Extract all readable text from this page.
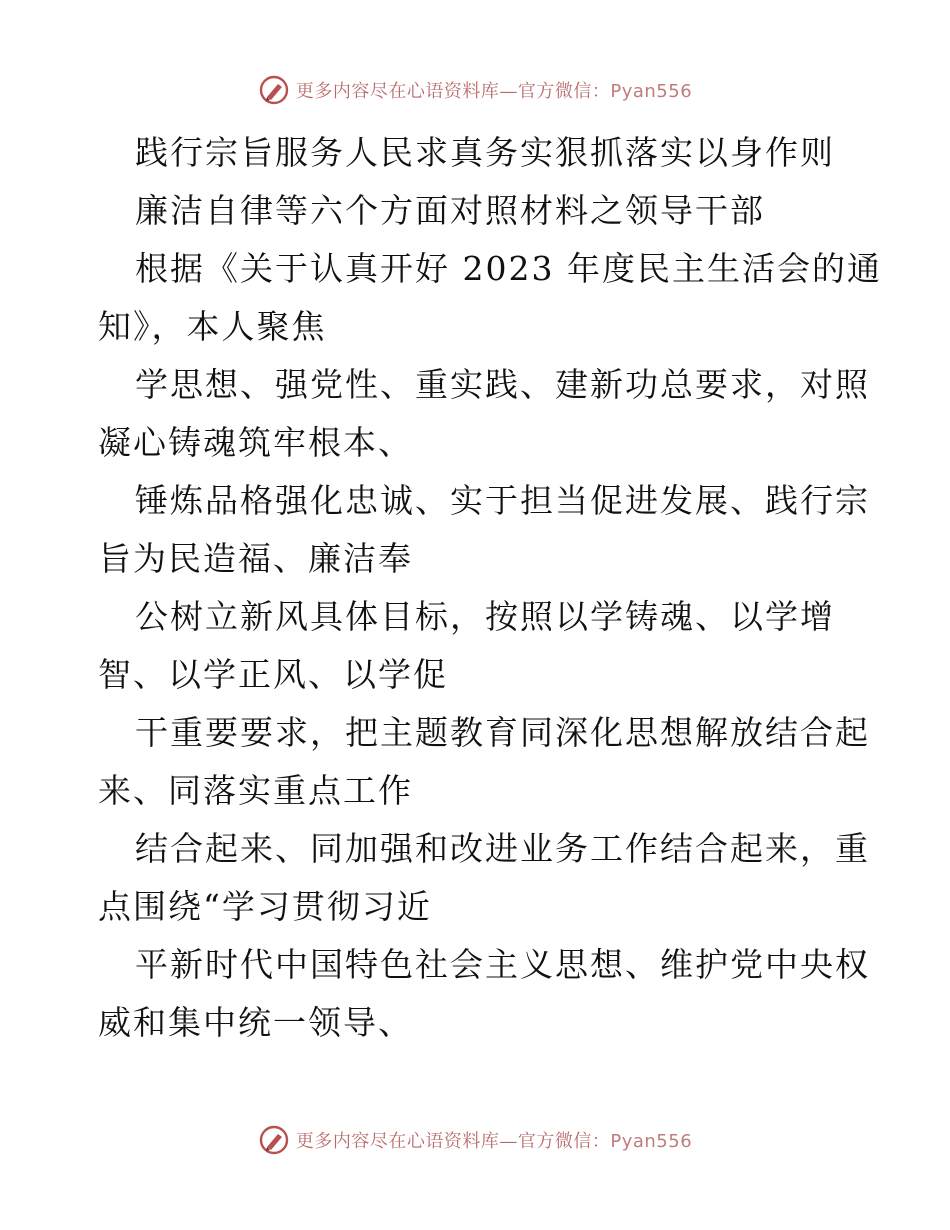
更多内容尽在心语资料库—官方微信：Pyan556
践行宗旨服务人民求真务实狠抓落实以身作则
廉洁自律等六个方面对照材料之领导干部
根据《关于认真开好 2023 年度民主生活会的通
知》，本人聚焦
学思想、强党性、重实践、建新功总要求，对照
凝心铸魂筑牢根本、
锤炼品格强化忠诚、实于担当促进发展、践行宗
旨为民造福、廉洁奉
公树立新风具体目标，按照以学铸魂、以学增
智、以学正风、以学促
干重要要求，把主题教育同深化思想解放结合起
来、同落实重点工作
结合起来、同加强和改进业务工作结合起来，重
点围绕“学习贯彻习近
平新时代中国特色社会主义思想、维护党中央权
威和集中统一领导、
更多内容尽在心语资料库—官方微信：Pyan556
